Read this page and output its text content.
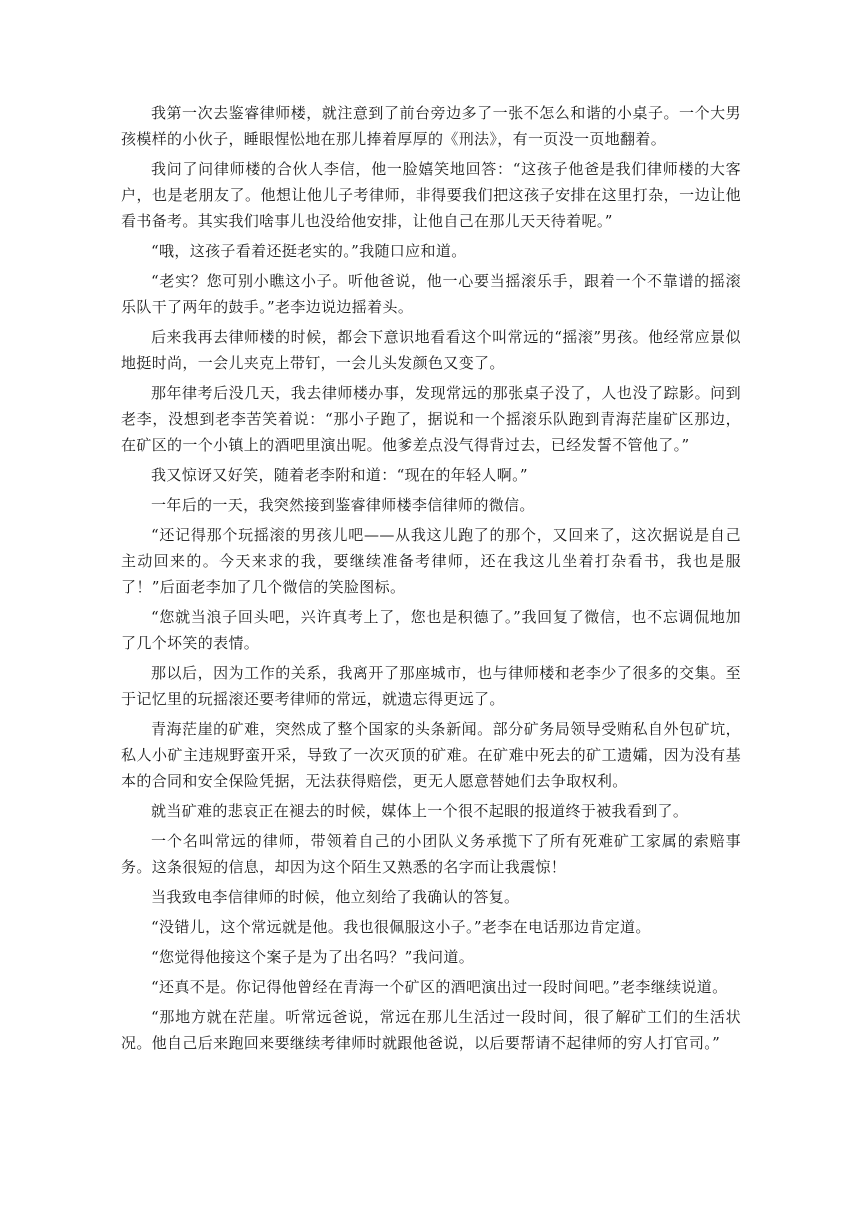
我第一次去鉴睿律师楼，就注意到了前台旁边多了一张不怎么和谐的小桌子。一个大男孩模样的小伙子，睡眼惺忪地在那儿捧着厚厚的《刑法》，有一页没一页地翻着。

我问了问律师楼的合伙人李信，他一脸嬉笑地回答：“这孩子他爸是我们律师楼的大客户，也是老朋友了。他想让他儿子考律师，非得要我们把这孩子安排在这里打杂，一边让他看书备考。其实我们啥事儿也没给他安排，让他自己在那儿天天待着呢。”

“哦，这孩子看着还挺老实的。”我随口应和道。

“老实？您可别小瞧这小子。听他爸说，他一心要当摇滚乐手，跟着一个不靠谱的摇滚乐队干了两年的鼓手。”老李边说边摇着头。

后来我再去律师楼的时候，都会下意识地看看这个叫常远的“摇滚”男孩。他经常应景似地挺时尚，一会儿夹克上带钉，一会儿头发颜色又变了。

那年律考后没几天，我去律师楼办事，发现常远的那张桌子没了，人也没了踪影。问到老李，没想到老李苦笑着说：“那小子跑了，据说和一个摇滚乐队跑到青海茫崖矿区那边，在矿区的一个小镇上的酒吧里演出呢。他爹差点没气得背过去，已经发誓不管他了。”

我又惊讶又好笑，随着老李附和道：“现在的年轻人啊。”

一年后的一天，我突然接到鉴睿律师楼李信律师的微信。

“还记得那个玩摇滚的男孩儿吧——从我这儿跑了的那个，又回来了，这次据说是自己主动回来的。今天来求的我，要继续准备考律师，还在我这儿坐着打杂看书，我也是服了！”后面老李加了几个微信的笑脸图标。

“您就当浪子回头吧，兴许真考上了，您也是积德了。”我回复了微信，也不忘调侃地加了几个坏笑的表情。

那以后，因为工作的关系，我离开了那座城市，也与律师楼和老李少了很多的交集。至于记忆里的玩摇滚还要考律师的常远，就遗忘得更远了。

青海茫崖的矿难，突然成了整个国家的头条新闻。部分矿务局领导受贿私自外包矿坑，私人小矿主违规野蛮开采，导致了一次灭顶的矿难。在矿难中死去的矿工遗孀，因为没有基本的合同和安全保险凭据，无法获得赔偿，更无人愿意替她们去争取权利。

就当矿难的悲哀正在褪去的时候，媒体上一个很不起眼的报道终于被我看到了。

一个名叫常远的律师，带领着自己的小团队义务承揽下了所有死难矿工家属的索赔事务。这条很短的信息，却因为这个陌生又熟悉的名字而让我震惊！

当我致电李信律师的时候，他立刻给了我确认的答复。

“没错儿，这个常远就是他。我也很佩服这小子。”老李在电话那边肯定道。

“您觉得他接这个案子是为了出名吗？”我问道。

“还真不是。你记得他曾经在青海一个矿区的酒吧演出过一段时间吧。”老李继续说道。

“那地方就在茫崖。听常远爸说，常远在那儿生活过一段时间，很了解矿工们的生活状况。他自己后来跑回来要继续考律师时就跟他爸说，以后要帮请不起律师的穷人打官司。”
